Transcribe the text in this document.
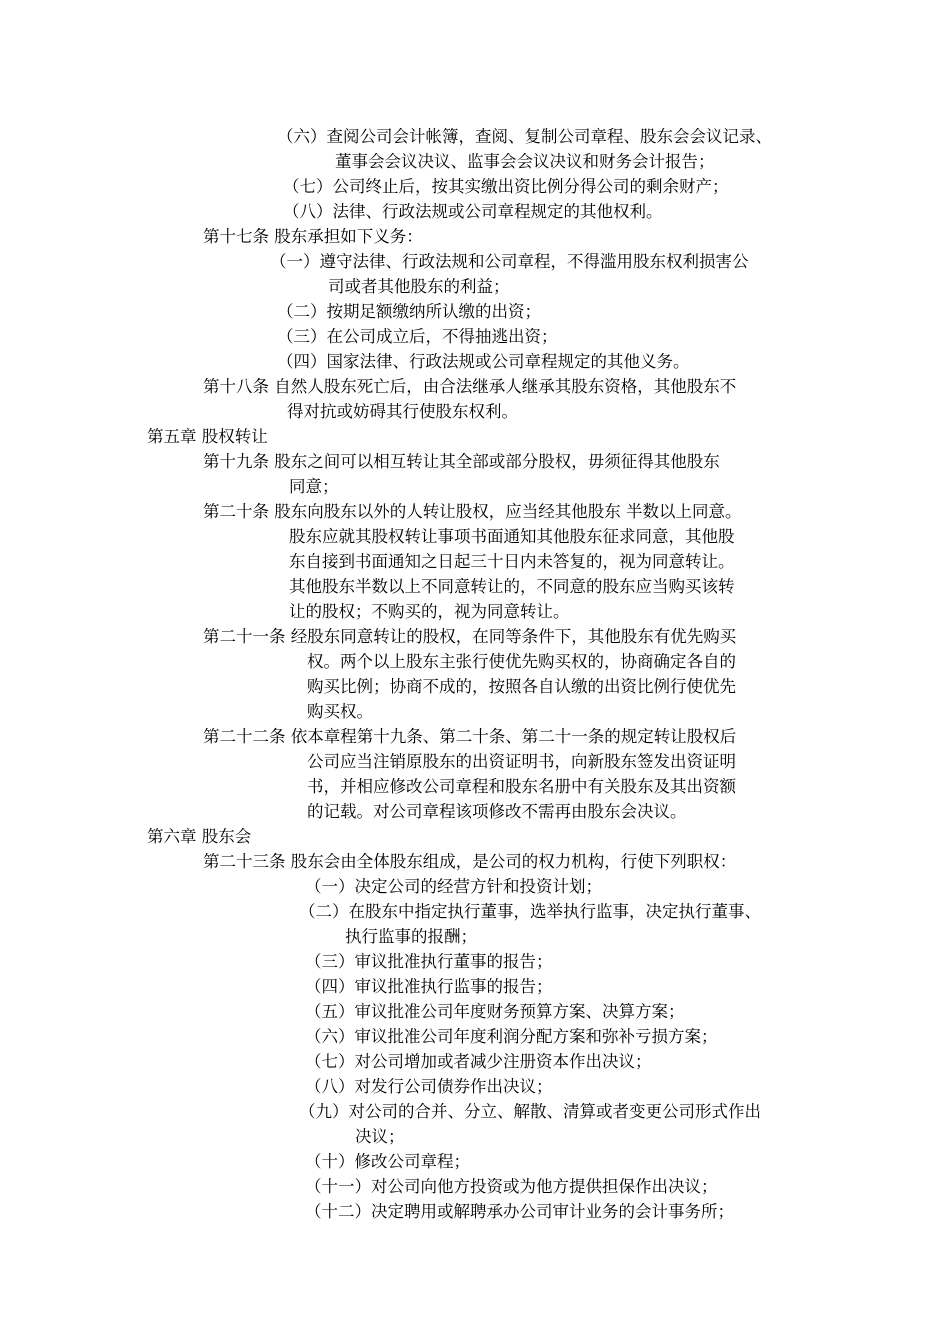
（六）查阅公司会计帐簿，查阅、复制公司章程、股东会会议记录、
董事会会议决议、监事会会议决议和财务会计报告；
（七）公司终止后，按其实缴出资比例分得公司的剩余财产；
（八）法律、行政法规或公司章程规定的其他权利。
第十七条 股东承担如下义务：
（一）遵守法律、行政法规和公司章程，不得滥用股东权利损害公
司或者其他股东的利益；
（二）按期足额缴纳所认缴的出资；
（三）在公司成立后，不得抽逃出资；
（四）国家法律、行政法规或公司章程规定的其他义务。
第十八条 自然人股东死亡后，由合法继承人继承其股东资格，其他股东不
得对抗或妨碍其行使股东权利。
第五章 股权转让
第十九条 股东之间可以相互转让其全部或部分股权，毋须征得其他股东
同意；
第二十条 股东向股东以外的人转让股权，应当经其他股东 半数以上同意。
股东应就其股权转让事项书面通知其他股东征求同意，其他股
东自接到书面通知之日起三十日内未答复的，视为同意转让。
其他股东半数以上不同意转让的，不同意的股东应当购买该转
让的股权；不购买的，视为同意转让。
第二十一条 经股东同意转让的股权，在同等条件下，其他股东有优先购买
权。两个以上股东主张行使优先购买权的，协商确定各自的
购买比例；协商不成的，按照各自认缴的出资比例行使优先
购买权。
第二十二条 依本章程第十九条、第二十条、第二十一条的规定转让股权后
公司应当注销原股东的出资证明书，向新股东签发出资证明
书，并相应修改公司章程和股东名册中有关股东及其出资额
的记载。对公司章程该项修改不需再由股东会决议。
第六章 股东会
第二十三条 股东会由全体股东组成，是公司的权力机构，行使下列职权：
（一）决定公司的经营方针和投资计划；
（二）在股东中指定执行董事，选举执行监事，决定执行董事、
执行监事的报酬；
（三）审议批准执行董事的报告；
（四）审议批准执行监事的报告；
（五）审议批准公司年度财务预算方案、决算方案；
（六）审议批准公司年度利润分配方案和弥补亏损方案；
（七）对公司增加或者减少注册资本作出决议；
（八）对发行公司债券作出决议；
（九）对公司的合并、分立、解散、清算或者变更公司形式作出
决议；
（十）修改公司章程；
（十一）对公司向他方投资或为他方提供担保作出决议；
（十二）决定聘用或解聘承办公司审计业务的会计事务所；
